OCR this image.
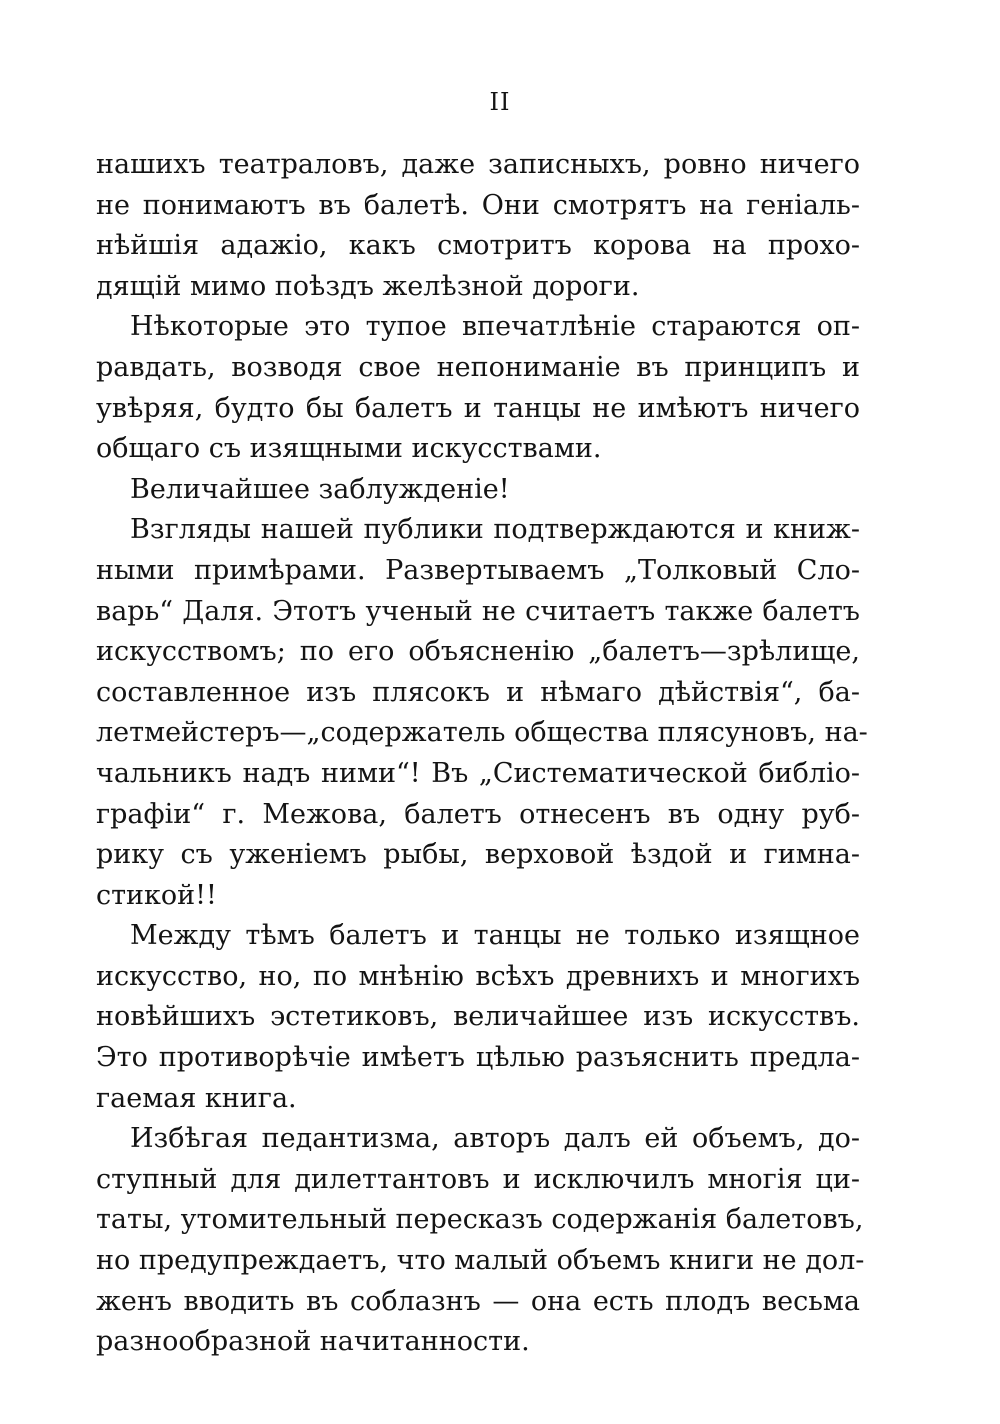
II
нашихъ театраловъ, даже записныхъ, ровно ничего
не понимаютъ въ балетѣ. Они смотрятъ на геніаль-
нѣйшія адажіо, какъ смотритъ корова на прохо-
дящій мимо поѣздъ желѣзной дороги.
Нѣкоторые это тупое впечатлѣніе стараются оп-
равдать, возводя свое непониманіе въ принципъ и
увѣряя, будто бы балетъ и танцы не имѣютъ ничего
общаго съ изящными искусствами.
Величайшее заблужденіе!
Взгляды нашей публики подтверждаются и книж-
ными примѣрами. Развертываемъ „Толковый Сло-
варь“ Даля. Этотъ ученый не считаетъ также балетъ
искусствомъ; по его объясненію „балетъ—зрѣлище,
составленное изъ плясокъ и нѣмаго дѣйствія“, ба-
летмейстеръ—„содержатель общества плясуновъ, на-
чальникъ надъ ними“! Въ „Систематической библіо-
графіи“ г. Межова, балетъ отнесенъ въ одну руб-
рику съ уженіемъ рыбы, верховой ѣздой и гимна-
стикой!!
Между тѣмъ балетъ и танцы не только изящное
искусство, но, по мнѣнію всѣхъ древнихъ и многихъ
новѣйшихъ эстетиковъ, величайшее изъ искусствъ.
Это противорѣчіе имѣетъ цѣлью разъяснить предла-
гаемая книга.
Избѣгая педантизма, авторъ далъ ей объемъ, до-
ступный для дилеттантовъ и исключилъ многія ци-
таты, утомительный пересказъ содержанія балетовъ,
но предупреждаетъ, что малый объемъ книги не дол-
женъ вводить въ соблазнъ — она есть плодъ весьма
разнообразной начитанности.
